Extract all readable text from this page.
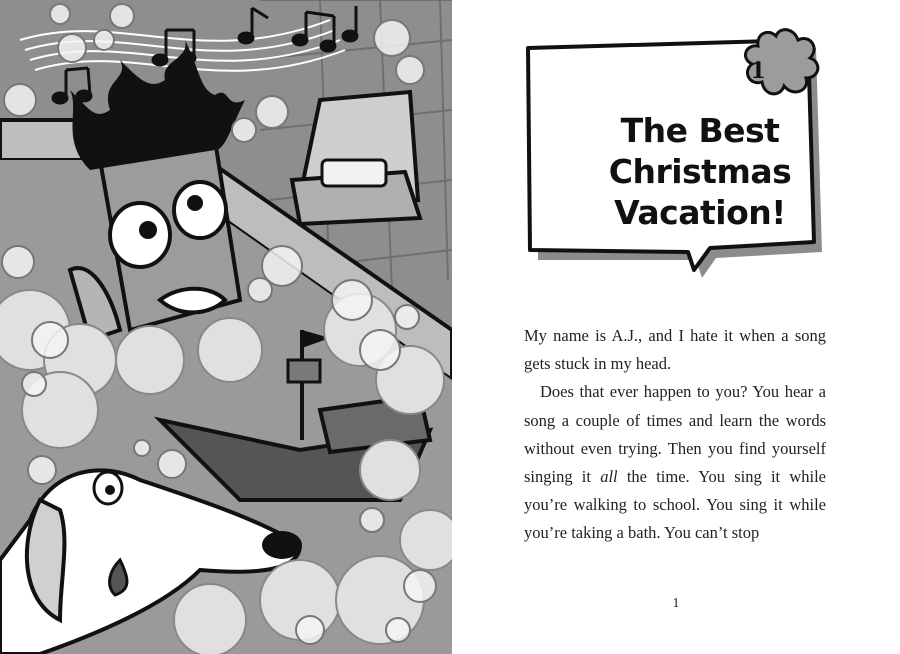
1
The Best Christmas Vacation!

My name is A.J., and I hate it when a song gets stuck in my head.

Does that ever happen to you? You hear a song a couple of times and learn the words without even trying. Then you find yourself singing it all the time. You sing it while you’re walking to school. You sing it while you’re taking a bath. You can’t stop

1
